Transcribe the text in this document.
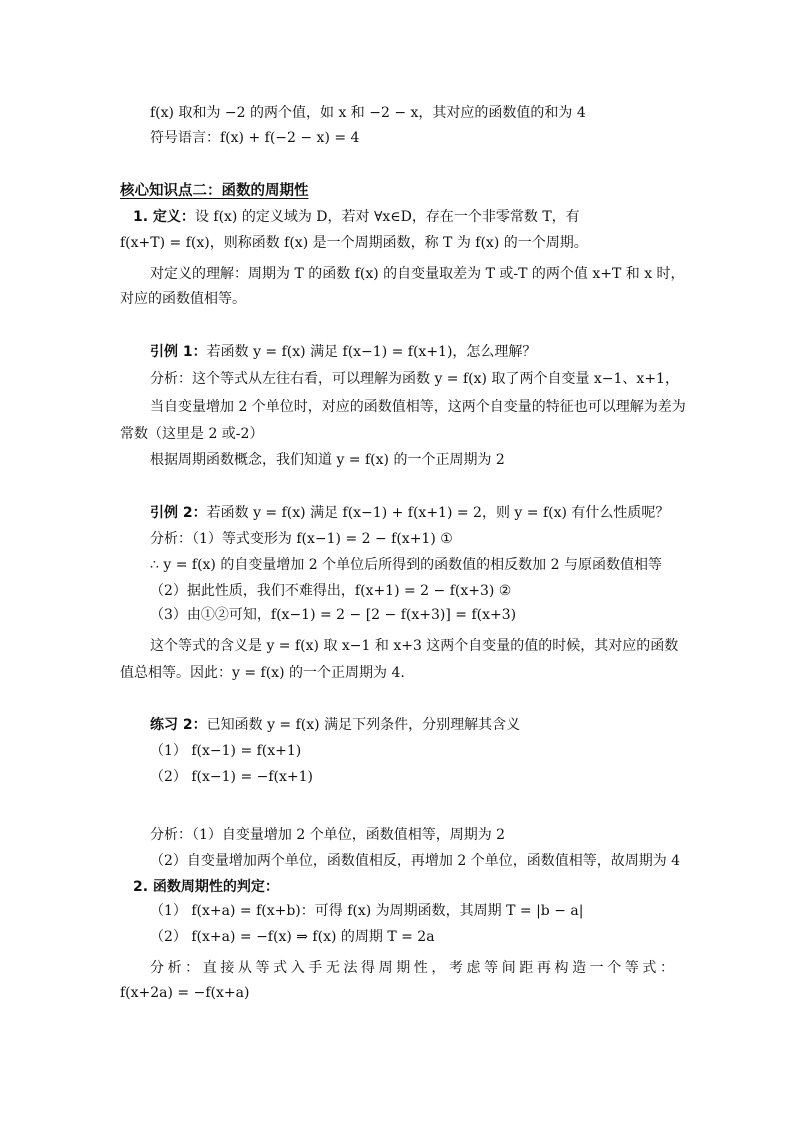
f(x) 取和为 −2 的两个值，如 x 和 −2 − x，其对应的函数值的和为 4
符号语言：f(x) + f(−2 − x) = 4
核心知识点二：函数的周期性
1. 定义：设 f(x) 的定义域为 D，若对 ∀x∈D，存在一个非零常数 T，有
f(x+T) = f(x)，则称函数 f(x) 是一个周期函数，称 T 为 f(x) 的一个周期。
对定义的理解：周期为 T 的函数 f(x) 的自变量取差为 T 或-T 的两个值 x+T 和 x 时，
对应的函数值相等。
引例 1：若函数 y = f(x) 满足 f(x−1) = f(x+1)，怎么理解？
分析：这个等式从左往右看，可以理解为函数 y = f(x) 取了两个自变量 x−1、x+1，
当自变量增加 2 个单位时，对应的函数值相等，这两个自变量的特征也可以理解为差为
常数（这里是 2 或-2）
根据周期函数概念，我们知道 y = f(x) 的一个正周期为 2
引例 2：若函数 y = f(x) 满足 f(x−1) + f(x+1) = 2，则 y = f(x) 有什么性质呢？
分析：（1）等式变形为 f(x−1) = 2 − f(x+1) ①
∴ y = f(x) 的自变量增加 2 个单位后所得到的函数值的相反数加 2 与原函数值相等
（2）据此性质，我们不难得出，f(x+1) = 2 − f(x+3) ②
（3）由①②可知，f(x−1) = 2 − [2 − f(x+3)] = f(x+3)
这个等式的含义是 y = f(x) 取 x−1 和 x+3 这两个自变量的值的时候，其对应的函数
值总相等。因此：y = f(x) 的一个正周期为 4.
练习 2：已知函数 y = f(x) 满足下列条件，分别理解其含义
（1） f(x−1) = f(x+1)
（2） f(x−1) = −f(x+1)
分析：（1）自变量增加 2 个单位，函数值相等，周期为 2
（2）自变量增加两个单位，函数值相反，再增加 2 个单位，函数值相等，故周期为 4
2. 函数周期性的判定：
（1） f(x+a) = f(x+b)：可得 f(x) 为周期函数，其周期 T = |b − a|
（2） f(x+a) = −f(x) ⇒ f(x) 的周期 T = 2a
分析：直接从等式入手无法得周期性，考虑等间距再构造一个等式：
f(x+2a) = −f(x+a)
